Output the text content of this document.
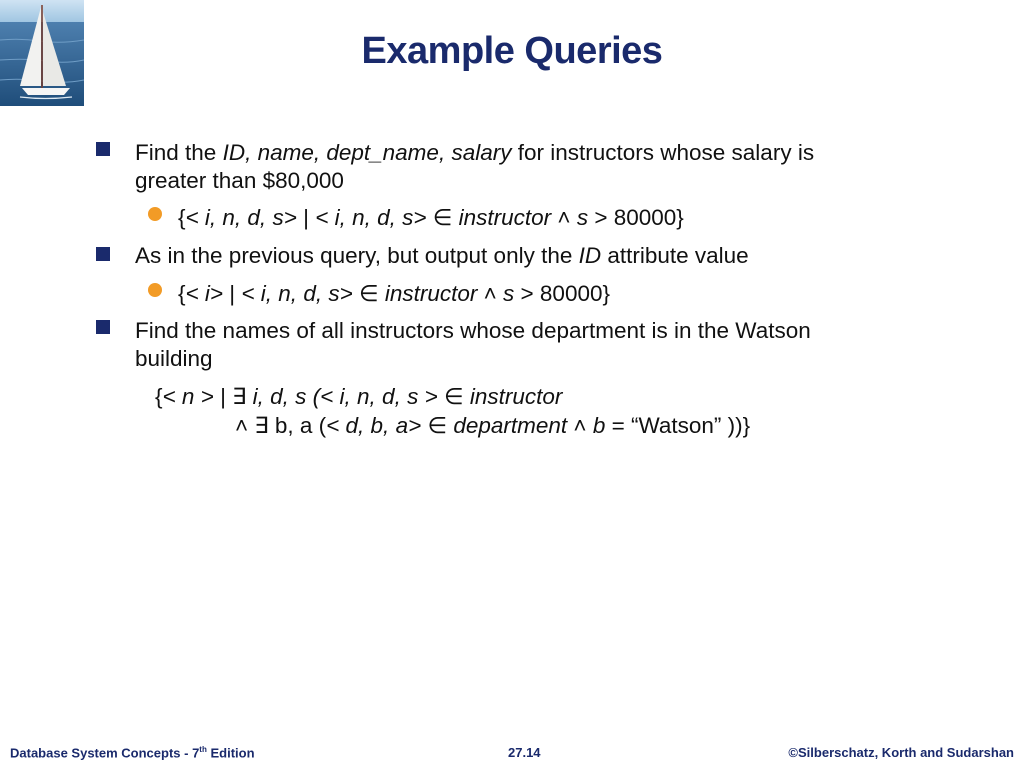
Example Queries
Find the ID, name, dept_name, salary for instructors whose salary is
greater than $80,000
{< i, n, d, s> | < i, n, d, s> ∈ instructor ˄ s > 80000}
As in the previous query, but output only the ID attribute value
{< i> | < i, n, d, s> ∈ instructor ˄ s > 80000}
Find the names of all instructors whose department is in the Watson
building
{< n > | ∃ i, d, s (< i, n, d, s > ∈ instructor
˄ ∃ b, a (< d, b, a> ∈ department ˄ b = “Watson” ))}
Database System Concepts - 7th Edition	27.14	©Silberschatz, Korth and Sudarshan
